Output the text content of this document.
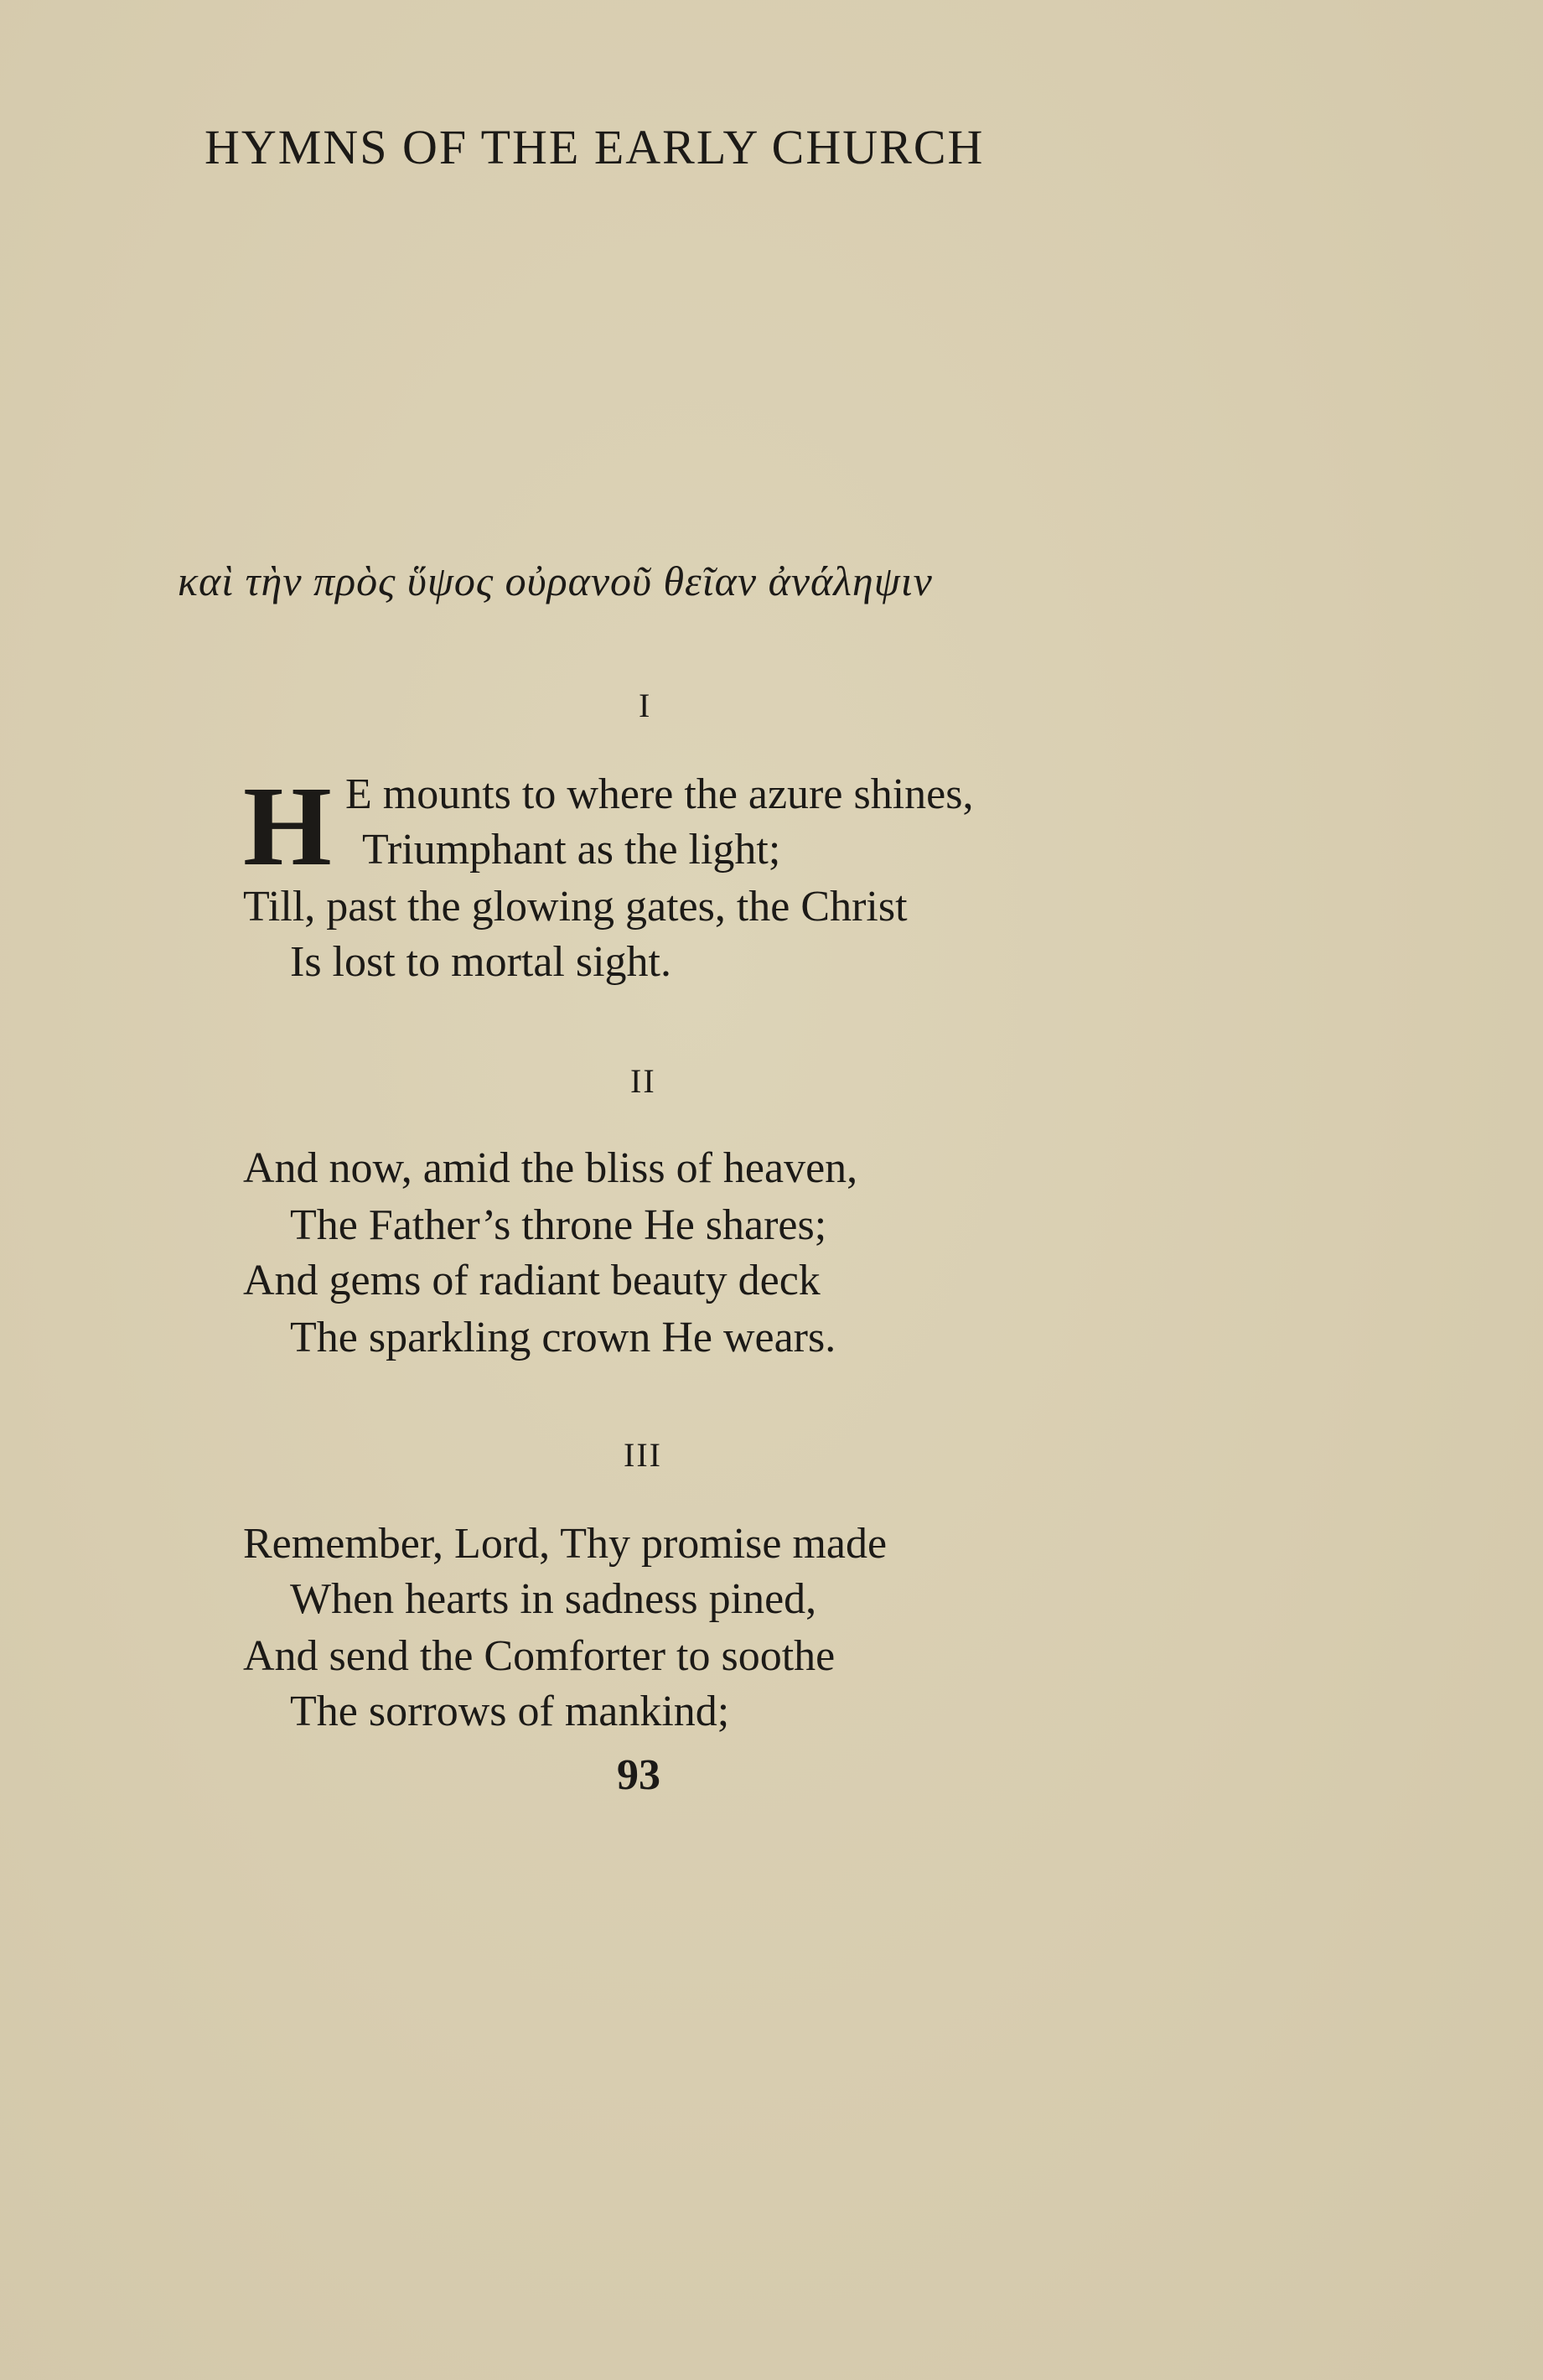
HYMNS OF THE EARLY CHURCH
καὶ τὴν πρὸς ὕψος οὐρανοῦ θεῖαν ἀνάληψιν
I
H E mounts to where the azure shines,
Triumphant as the light;
Till, past the glowing gates, the Christ
Is lost to mortal sight.
II
And now, amid the bliss of heaven,
The Father’s throne He shares;
And gems of radiant beauty deck
The sparkling crown He wears.
III
Remember, Lord, Thy promise made
When hearts in sadness pined,
And send the Comforter to soothe
The sorrows of mankind;
93
